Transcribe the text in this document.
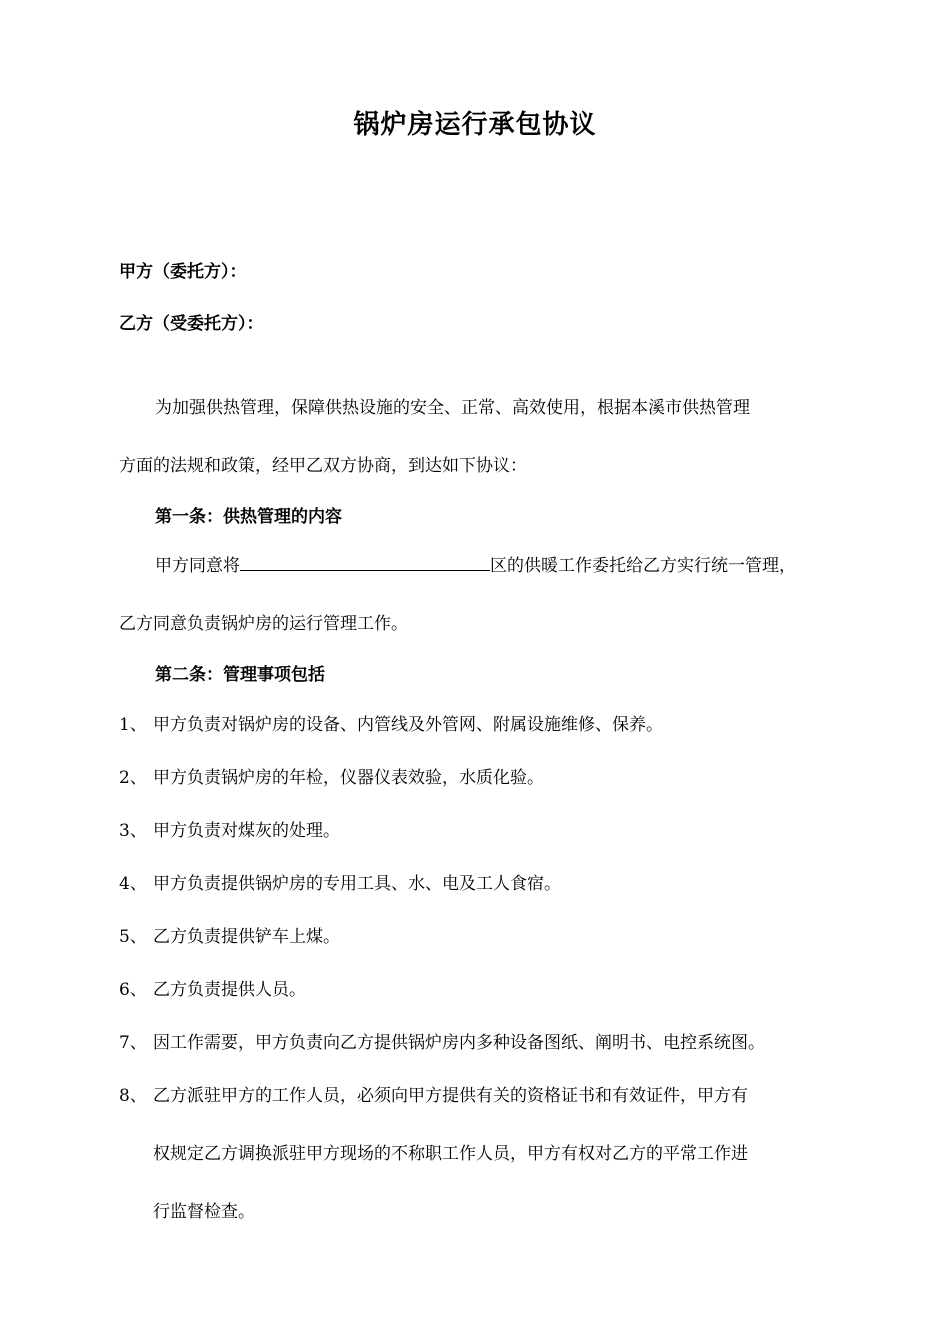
锅炉房运行承包协议
甲方（委托方）：
乙方（受委托方）：
为加强供热管理，保障供热设施的安全、正常、高效使用，根据本溪市供热管理
方面的法规和政策，经甲乙双方协商，到达如下协议：
第一条：供热管理的内容
甲方同意将	区的供暖工作委托给乙方实行统一管理，
乙方同意负责锅炉房的运行管理工作。
第二条：管理事项包括
1、 甲方负责对锅炉房的设备、内管线及外管网、附属设施维修、保养。
2、 甲方负责锅炉房的年检，仪器仪表效验，水质化验。
3、 甲方负责对煤灰的处理。
4、 甲方负责提供锅炉房的专用工具、水、电及工人食宿。
5、 乙方负责提供铲车上煤。
6、 乙方负责提供人员。
7、 因工作需要，甲方负责向乙方提供锅炉房内多种设备图纸、阐明书、电控系统图。
8、 乙方派驻甲方的工作人员，必须向甲方提供有关的资格证书和有效证件，甲方有
权规定乙方调换派驻甲方现场的不称职工作人员，甲方有权对乙方的平常工作进
行监督检查。
